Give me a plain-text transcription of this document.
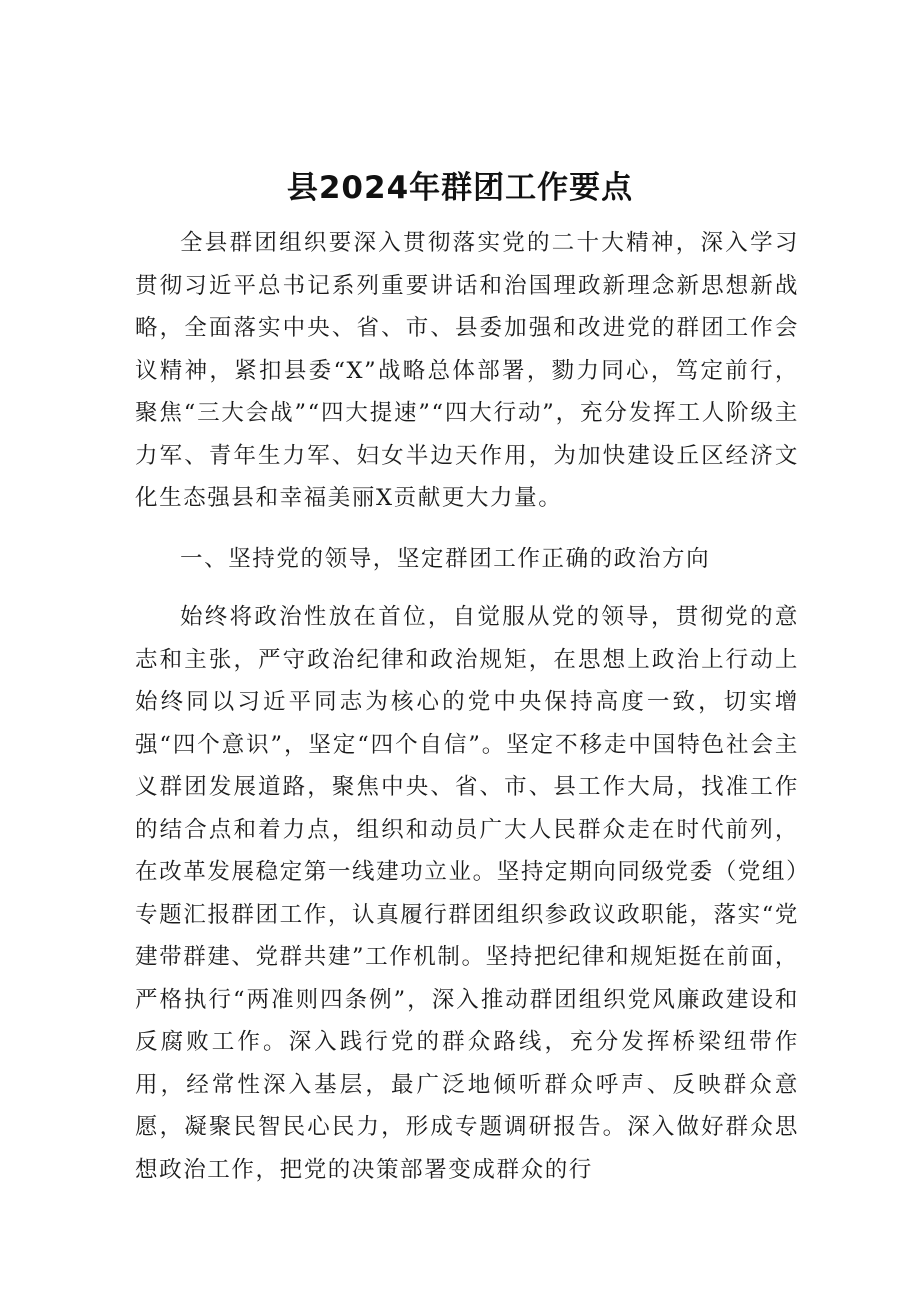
县2024年群团工作要点

全县群团组织要深入贯彻落实党的二十大精神，深入学习贯彻习近平总书记系列重要讲话和治国理政新理念新思想新战略，全面落实中央、省、市、县委加强和改进党的群团工作会议精神，紧扣县委“X”战略总体部署，勠力同心，笃定前行，聚焦“三大会战”“四大提速”“四大行动”，充分发挥工人阶级主力军、青年生力军、妇女半边天作用，为加快建设丘区经济文化生态强县和幸福美丽X贡献更大力量。

一、坚持党的领导，坚定群团工作正确的政治方向

始终将政治性放在首位，自觉服从党的领导，贯彻党的意志和主张，严守政治纪律和政治规矩，在思想上政治上行动上始终同以习近平同志为核心的党中央保持高度一致，切实增强“四个意识”，坚定“四个自信”。坚定不移走中国特色社会主义群团发展道路，聚焦中央、省、市、县工作大局，找准工作的结合点和着力点，组织和动员广大人民群众走在时代前列，在改革发展稳定第一线建功立业。坚持定期向同级党委（党组）专题汇报群团工作，认真履行群团组织参政议政职能，落实“党建带群建、党群共建”工作机制。坚持把纪律和规矩挺在前面，严格执行“两准则四条例”，深入推动群团组织党风廉政建设和反腐败工作。深入践行党的群众路线，充分发挥桥梁纽带作用，经常性深入基层，最广泛地倾听群众呼声、反映群众意愿，凝聚民智民心民力，形成专题调研报告。深入做好群众思想政治工作，把党的决策部署变成群众的行
